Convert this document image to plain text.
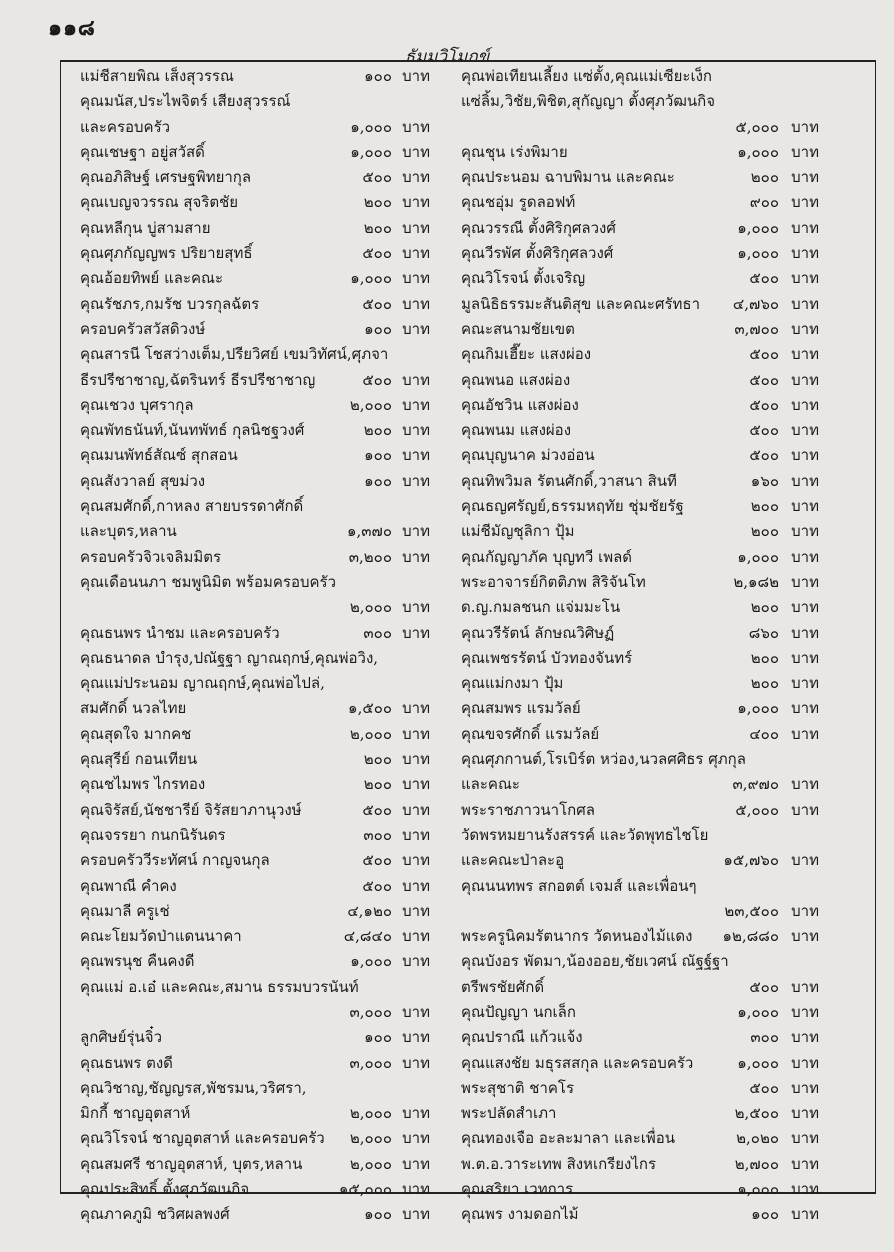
๑๑๘
ธัมมวิโมกข์
แม่ชีสายพิณ เส็งสุวรรณ	๑๐๐ บาท
คุณมนัส,ประไพจิตร์ เสียงสุวรรณ์
และครอบครัว	๑,๐๐๐ บาท
คุณเชษฐา อยู่สวัสดิ์	๑,๐๐๐ บาท
คุณอภิสิษฐ์ เศรษฐพิทยากุล	๕๐๐ บาท
คุณเบญจวรรณ สุจริตชัย	๒๐๐ บาท
คุณหลีกุน บู่สามสาย	๒๐๐ บาท
คุณศุภกัญญพร ปริยายสุทธิ์	๕๐๐ บาท
คุณอ้อยทิพย์ และคณะ	๑,๐๐๐ บาท
คุณรัชภร,กมรัช บวรกุลฉัตร	๕๐๐ บาท
ครอบครัวสวัสดิวงษ์	๑๐๐ บาท
คุณสารนี โชสว่างเต็ม,ปรียวิศย์ เขมวิทัศน์,ศุภจา
ธีรปรีชาชาญ,ฉัตรินทร์ ธีรปรีชาชาญ	๕๐๐ บาท
คุณเชวง บุศรากุล	๒,๐๐๐ บาท
คุณพัทธนันท์,นันทพัทธ์ กุลนิชฐวงศ์	๒๐๐ บาท
คุณมนพัทธ์สัณซ์ สุกสอน	๑๐๐ บาท
คุณสังวาลย์ สุขม่วง	๑๐๐ บาท
คุณสมศักดิ์,กาหลง สายบรรดาศักดิ์
และบุตร,หลาน	๑,๓๗๐ บาท
ครอบครัวจิวเจลิมมิตร	๓,๒๐๐ บาท
คุณเดือนนภา ชมพูนิมิต พร้อมครอบครัว
๒,๐๐๐ บาท
คุณธนพร นำชม และครอบครัว	๓๐๐ บาท
คุณธนาดล บำรุง,ปณัฐฐา ญาณฤกษ์,คุณพ่อวิง,
คุณแม่ประนอม ญาณฤกษ์,คุณพ่อไปล่,
สมศักดิ์ นวลไทย	๑,๕๐๐ บาท
คุณสุดใจ มากคช	๒,๐๐๐ บาท
คุณสุรีย์ กอนเทียน	๒๐๐ บาท
คุณชไมพร ไกรทอง	๒๐๐ บาท
คุณจิรัสย์,นัชชารีย์ จิรัสยาภานุวงษ์	๕๐๐ บาท
คุณจรรยา กนกนิรันดร	๓๐๐ บาท
ครอบครัววีระทัศน์ กาญจนกุล	๕๐๐ บาท
คุณพาณี คำคง	๕๐๐ บาท
คุณมาลี ครูเช่	๔,๑๒๐ บาท
คณะโยมวัดป่าแดนนาคา	๔,๘๔๐ บาท
คุณพรนุช คืนคงดี	๑,๐๐๐ บาท
คุณแม่ อ.เอ๋ และคณะ,สมาน ธรรมบวรนันท์
๓,๐๐๐ บาท
ลูกศิษย์รุ่นจิ๋ว	๑๐๐ บาท
คุณธนพร ตงดี	๓,๐๐๐ บาท
คุณวิชาญ,ชัญญรส,พัชรมน,วริศรา,
มิกกี้ ชาญอุตสาห์	๒,๐๐๐ บาท
คุณวิโรจน์ ชาญอุตสาห์ และครอบครัว ๒,๐๐๐ บาท
คุณสมศรี ชาญอุตสาห์, บุตร,หลาน	๒,๐๐๐ บาท
คุณประสิทธิ์ ตั้งศุภวัฒนกิจ	๑๕,๐๐๐ บาท
คุณภาคภูมิ ชวิศผลพงศ์	๑๐๐ บาท
คุณพ่อเทียนเลี้ยง แซ่ตั้ง,คุณแม่เซียะเง็ก
แซ่ลิ้ม,วิชัย,พิชิต,สุกัญญา ตั้งศุภวัฒนกิจ
๕,๐๐๐ บาท
คุณชุน เร่งพิมาย	๑,๐๐๐ บาท
คุณประนอม ฉาบพิมาน และคณะ	๒๐๐ บาท
คุณชอุ่ม รูดลอฟท์	๙๐๐ บาท
คุณวรรณี ตั้งศิริกุศลวงศ์	๑,๐๐๐ บาท
คุณวีรพัศ ตั้งศิริกุศลวงศ์	๑,๐๐๐ บาท
คุณวิโรจน์ ตั้งเจริญ	๕๐๐ บาท
มูลนิธิธรรมะสันติสุข และคณะศรัทธา ๔,๗๖๐ บาท
คณะสนามชัยเขต	๓,๗๐๐ บาท
คุณกิมเฮี๊ยะ แสงผ่อง	๕๐๐ บาท
คุณพนอ แสงผ่อง	๕๐๐ บาท
คุณอัชวิน แสงผ่อง	๕๐๐ บาท
คุณพนม แสงผ่อง	๕๐๐ บาท
คุณบุญนาค ม่วงอ่อน	๕๐๐ บาท
คุณทิพวิมล รัตนศักดิ์,วาสนา สินที	๑๖๐ บาท
คุณธญศรัญย์,ธรรมหฤทัย ชุ่มชัยรัฐ	๒๐๐ บาท
แม่ชีมัญชุลิกา ปุ้ม	๒๐๐ บาท
คุณกัญญาภัค บุญทวี เพลด์	๑,๐๐๐ บาท
พระอาจารย์กิตติภพ สิริจันโท	๒,๑๘๒ บาท
ด.ญ.กมลชนก แจ่มมะโน	๒๐๐ บาท
คุณวรีรัตน์ ลักษณวิศิษฏ์	๘๖๐ บาท
คุณเพชรรัตน์ บัวทองจันทร์	๒๐๐ บาท
คุณแม่กงมา ปุ้ม	๒๐๐ บาท
คุณสมพร แรมวัลย์	๑,๐๐๐ บาท
คุณขจรศักดิ์ แรมวัลย์	๔๐๐ บาท
คุณศุภกานต์,โรเบิร์ต หว่อง,นวลศศิธร ศุภกุล
และคณะ	๓,๙๗๐ บาท
พระราชภาวนาโกศล	๕,๐๐๐ บาท
วัดพรหมยานรังสรรค์ และวัดพุทธไชโย
และคณะป่าละอู	๑๕,๗๖๐ บาท
คุณนนทพร สกอตต์ เจมส์ และเพื่อนๆ
๒๓,๕๐๐ บาท
พระครูนิคมรัตนากร วัดหนองไม้แดง ๑๒,๘๘๐ บาท
คุณบังอร พัดมา,น้องออย,ชัยเวศน์ ณัฐฐ์ฐา
ตรีพรชัยศักดิ์	๕๐๐ บาท
คุณปัญญา นกเล็ก	๑,๐๐๐ บาท
คุณปราณี แก้วแจ้ง	๓๐๐ บาท
คุณแสงชัย มธุรสสกุล และครอบครัว	๑,๐๐๐ บาท
พระสุชาติ ชาคโร	๕๐๐ บาท
พระปลัดสำเภา	๒,๕๐๐ บาท
คุณทองเจือ อะละมาลา และเพื่อน	๒,๐๒๐ บาท
พ.ต.อ.วาระเทพ สิงหเกรียงไกร	๒,๗๐๐ บาท
คุณสริยา เวทการ	๑,๐๐๐ บาท
คุณพร งามดอกไม้	๑๐๐ บาท
